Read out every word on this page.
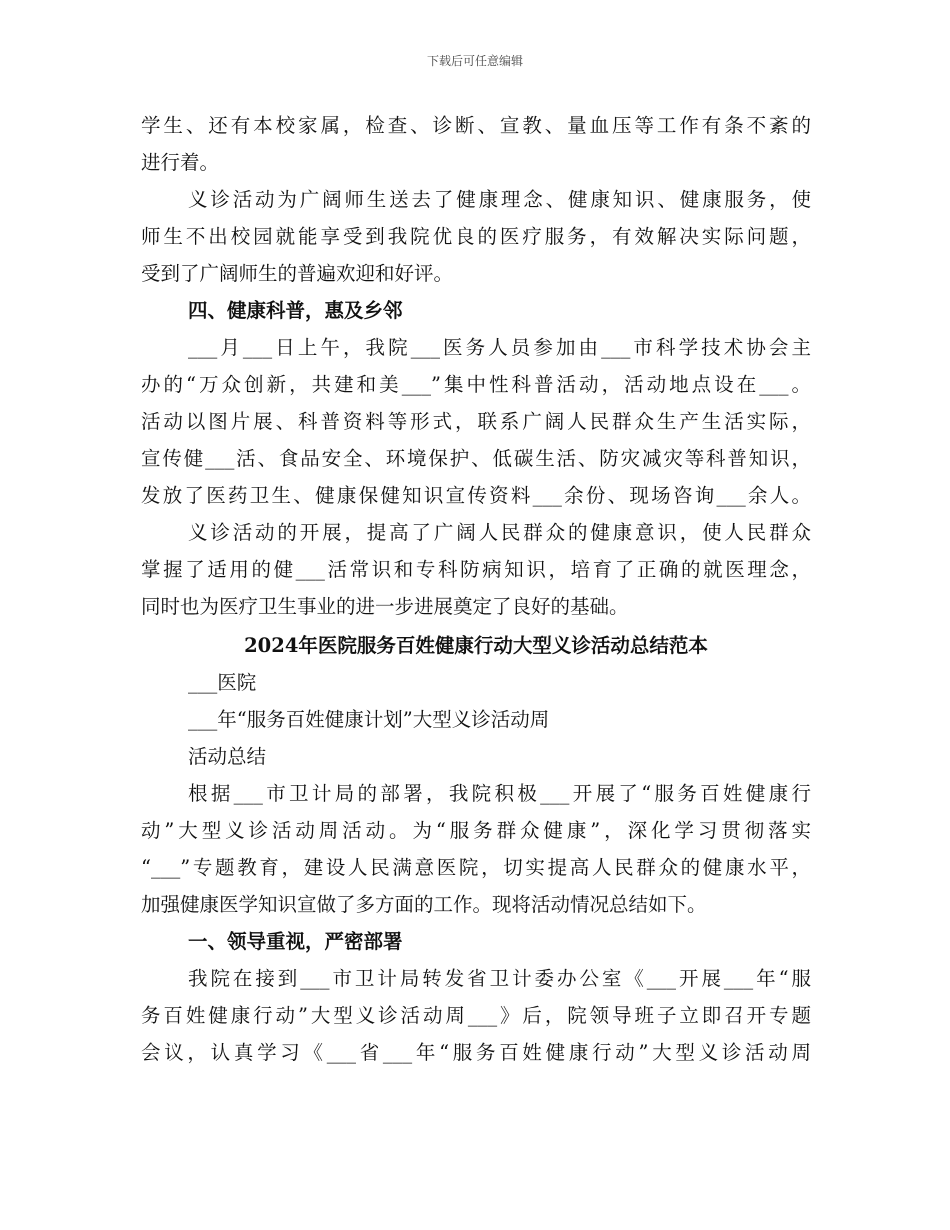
下载后可任意编辑
学生、还有本校家属，检查、诊断、宣教、量血压等工作有条不紊的
进行着。
义诊活动为广阔师生送去了健康理念、健康知识、健康服务，使
师生不出校园就能享受到我院优良的医疗服务，有效解决实际问题，
受到了广阔师生的普遍欢迎和好评。
四、健康科普，惠及乡邻
___月___日上午，我院___医务人员参加由___市科学技术协会主
办的“万众创新，共建和美___”集中性科普活动，活动地点设在___。
活动以图片展、科普资料等形式，联系广阔人民群众生产生活实际，
宣传健___活、食品安全、环境保护、低碳生活、防灾减灾等科普知识，
发放了医药卫生、健康保健知识宣传资料___余份、现场咨询___余人。
义诊活动的开展，提高了广阔人民群众的健康意识，使人民群众
掌握了适用的健___活常识和专科防病知识，培育了正确的就医理念，
同时也为医疗卫生事业的进一步进展奠定了良好的基础。
2024年医院服务百姓健康行动大型义诊活动总结范本
___医院
___年“服务百姓健康计划”大型义诊活动周
活动总结
根据___市卫计局的部署，我院积极___开展了“服务百姓健康行
动”大型义诊活动周活动。为“服务群众健康”，深化学习贯彻落实
“___”专题教育，建设人民满意医院，切实提高人民群众的健康水平，
加强健康医学知识宣做了多方面的工作。现将活动情况总结如下。
一、领导重视，严密部署
我院在接到___市卫计局转发省卫计委办公室《___开展___年“服
务百姓健康行动”大型义诊活动周___》后，院领导班子立即召开专题
会议，认真学习《___省___年“服务百姓健康行动”大型义诊活动周
